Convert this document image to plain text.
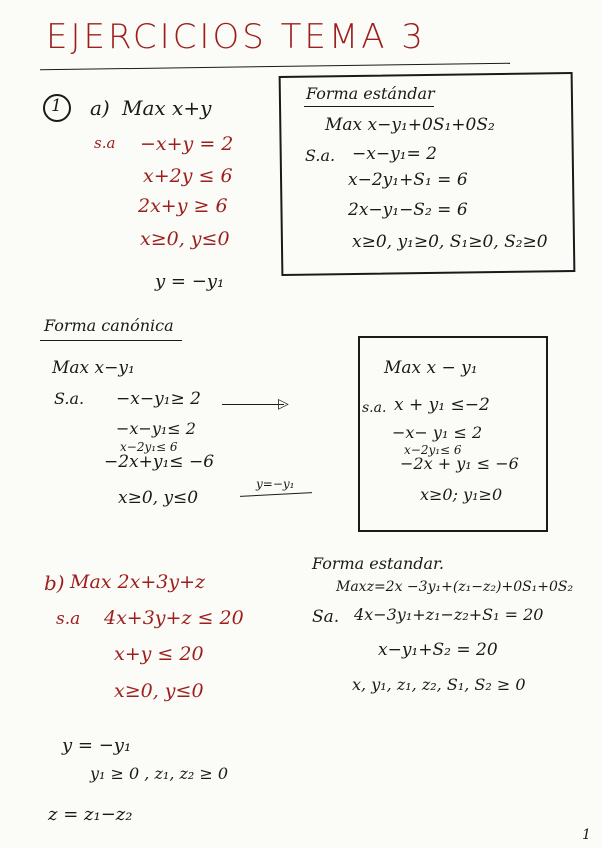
EJERCICIOS TEMA 3
1 a) Max x+y
s.a −x+y = 2
x+2y ≤ 6
2x+y ≥ 6
x≥0, y≤0
y = −y₁
Forma estándar
Max x−y₁+0S₁+0S₂
S.a. −x−y₁= 2
x−2y₁+S₁ = 6
2x−y₁−S₂ = 6
x≥0, y₁≥0, S₁≥0, S₂≥0
Forma canónica
Max x−y₁
S.a. −x−y₁≥ 2	▷
−x−y₁≤ 2
x−2y₁≤ 6
−2x+y₁≤ −6
x≥0, y≤0
y=−y₁
Max x − y₁
s.a. x + y₁ ≤−2
−x− y₁ ≤ 2
x−2y₁≤ 6
−2x + y₁ ≤ −6
x≥0; y₁≥0
b) Max 2x+3y+z
s.a 4x+3y+z ≤ 20
x+y ≤ 20
x≥0, y≤0
Forma estandar.
Maxz=2x −3y₁+(z₁−z₂)+0S₁+0S₂
Sa. 4x−3y₁+z₁−z₂+S₁ = 20
x−y₁+S₂ = 20
x, y₁, z₁, z₂, S₁, S₂ ≥ 0
y = −y₁
y₁ ≥ 0 , z₁, z₂ ≥ 0
z = z₁−z₂
1
